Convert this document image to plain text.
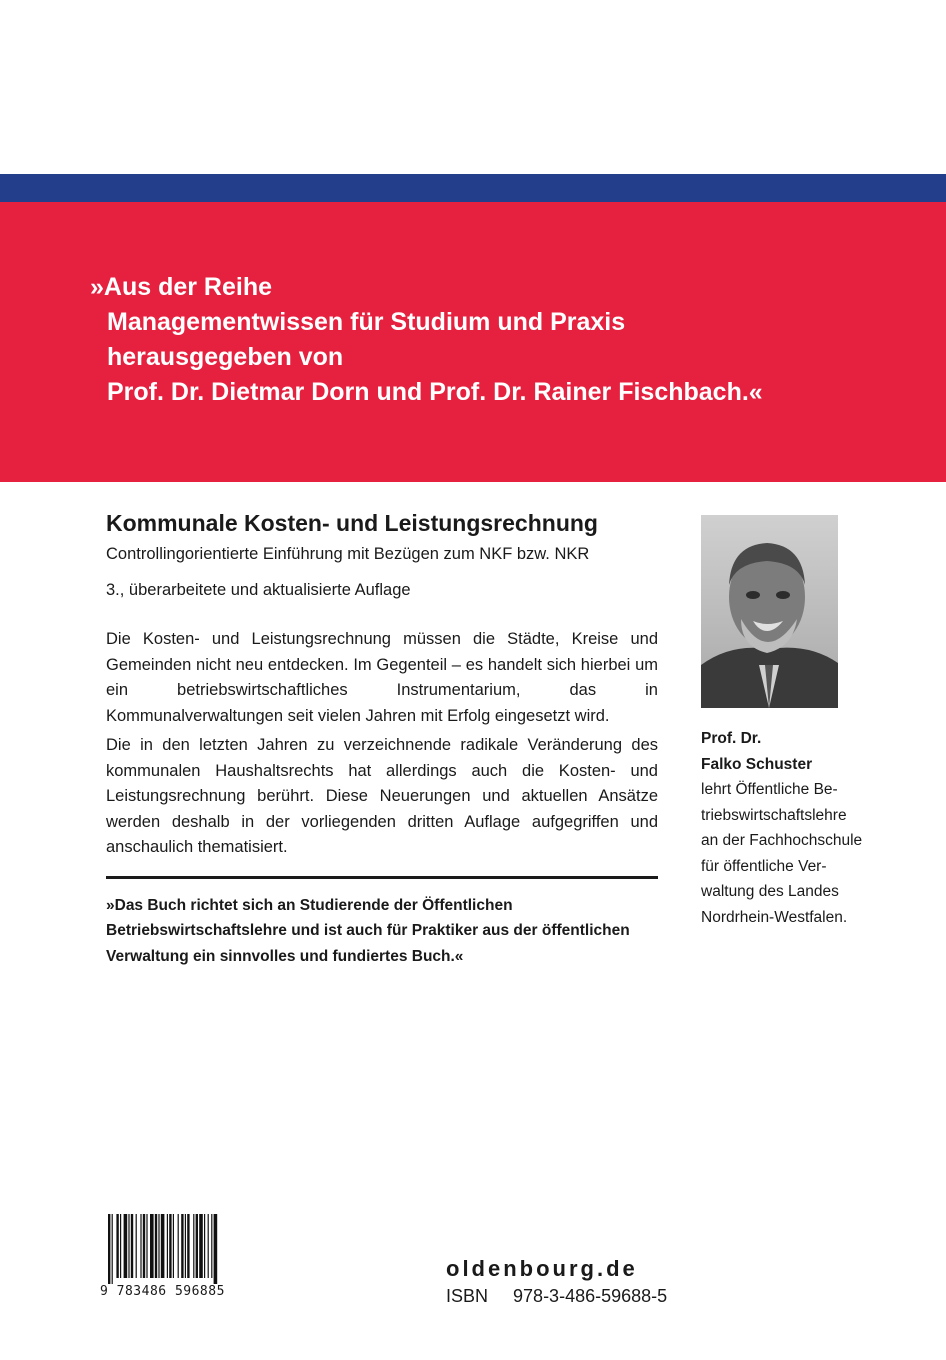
»Aus der Reihe
Managementwissen für Studium und Praxis
herausgegeben von
Prof. Dr. Dietmar Dorn und Prof. Dr. Rainer Fischbach.«
Kommunale Kosten- und Leistungsrechnung
Controllingorientierte Einführung mit Bezügen zum NKF bzw. NKR
3., überarbeitete und aktualisierte Auflage
Die Kosten- und Leistungsrechnung müssen die Städte, Kreise und Gemeinden nicht neu entdecken. Im Gegenteil – es handelt sich hierbei um ein betriebswirtschaftliches Instrumentarium, das in Kommunalverwaltungen seit vielen Jahren mit Erfolg eingesetzt wird.
Die in den letzten Jahren zu verzeichnende radikale Veränderung des kommunalen Haushaltsrechts hat allerdings auch die Kosten- und Leistungsrechnung berührt. Diese Neuerungen und aktuellen Ansätze werden deshalb in der vorliegenden dritten Auflage aufgegriffen und anschaulich thematisiert.
»Das Buch richtet sich an Studierende der Öffentlichen Betriebswirtschaftslehre und ist auch für Praktiker aus der öffentlichen Verwaltung ein sinnvolles und fundiertes Buch.«
Prof. Dr.
Falko Schuster
lehrt Öffentliche Be-
triebswirtschaftslehre
an der Fachhochschule
für öffentliche Ver-
waltung des Landes
Nordrhein-Westfalen.
9 783486 596885
oldenbourg.de
ISBN 978-3-486-59688-5
